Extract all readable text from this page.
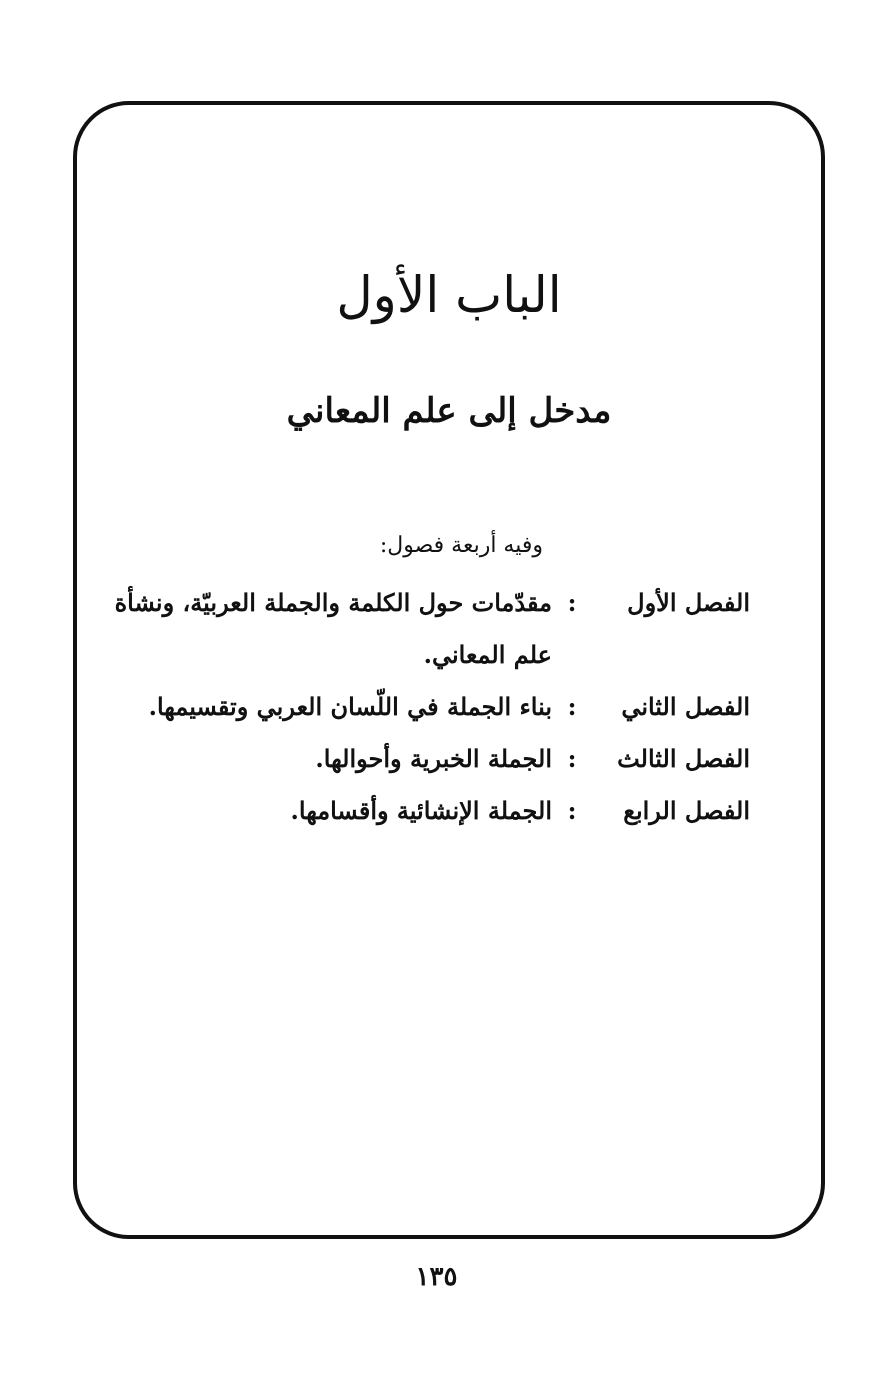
الباب الأول
مدخل إلى علم المعاني
وفيه أربعة فصول:
الفصل الأول
:
مقدّمات حول الكلمة والجملة العربيّة، ونشأة علم المعاني.
الفصل الثاني
:
بناء الجملة في اللّسان العربي وتقسيمها.
الفصل الثالث
:
الجملة الخبرية وأحوالها.
الفصل الرابع
:
الجملة الإنشائية وأقسامها.
١٣٥
